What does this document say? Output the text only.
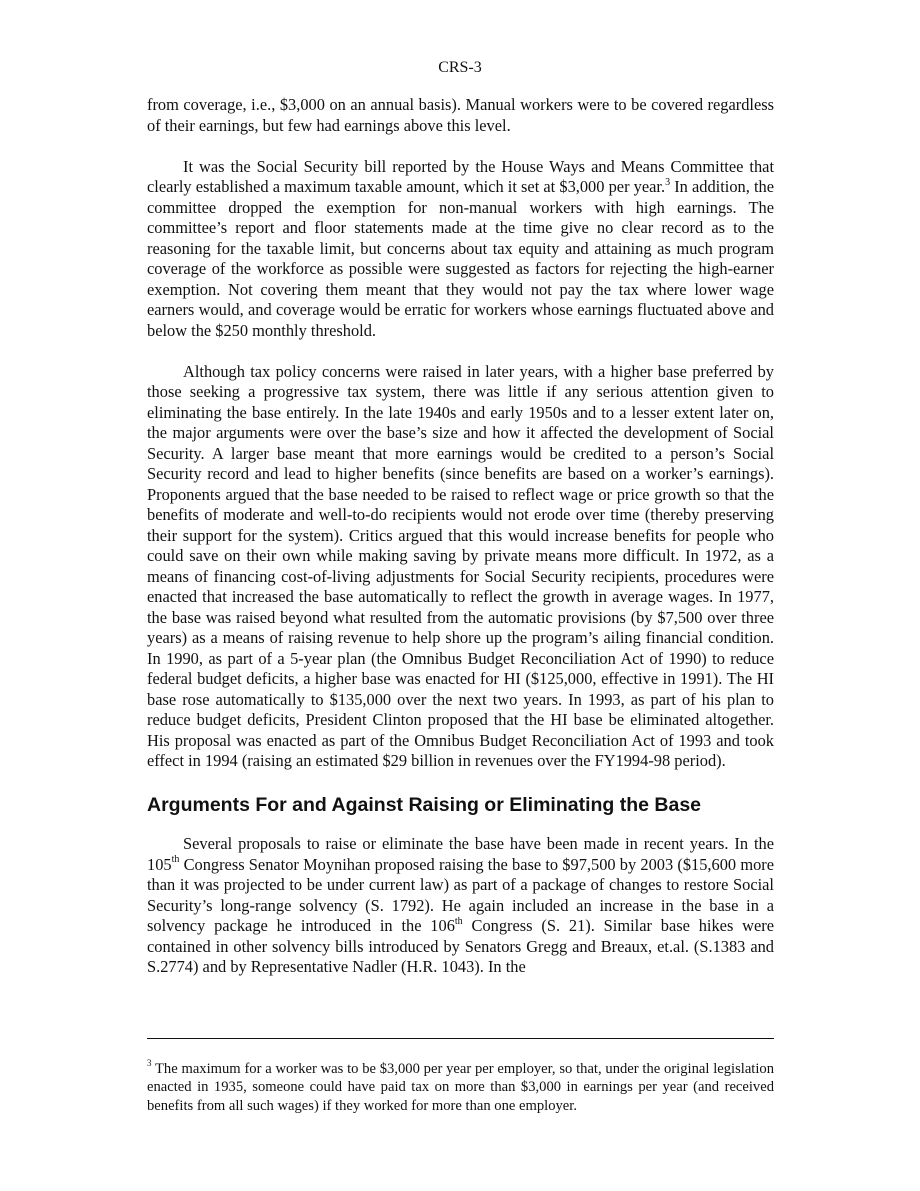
CRS-3

from coverage, i.e., $3,000 on an annual basis). Manual workers were to be covered regardless of their earnings, but few had earnings above this level.

It was the Social Security bill reported by the House Ways and Means Committee that clearly established a maximum taxable amount, which it set at $3,000 per year.$^3$ In addition, the committee dropped the exemption for non-manual workers with high earnings. The committee’s report and floor statements made at the time give no clear record as to the reasoning for the taxable limit, but concerns about tax equity and attaining as much program coverage of the workforce as possible were suggested as factors for rejecting the high-earner exemption. Not covering them meant that they would not pay the tax where lower wage earners would, and coverage would be erratic for workers whose earnings fluctuated above and below the $250 monthly threshold.

Although tax policy concerns were raised in later years, with a higher base preferred by those seeking a progressive tax system, there was little if any serious attention given to eliminating the base entirely. In the late 1940s and early 1950s and to a lesser extent later on, the major arguments were over the base’s size and how it affected the development of Social Security. A larger base meant that more earnings would be credited to a person’s Social Security record and lead to higher benefits (since benefits are based on a worker’s earnings). Proponents argued that the base needed to be raised to reflect wage or price growth so that the benefits of moderate and well-to-do recipients would not erode over time (thereby preserving their support for the system). Critics argued that this would increase benefits for people who could save on their own while making saving by private means more difficult. In 1972, as a means of financing cost-of-living adjustments for Social Security recipients, procedures were enacted that increased the base automatically to reflect the growth in average wages. In 1977, the base was raised beyond what resulted from the automatic provisions (by $7,500 over three years) as a means of raising revenue to help shore up the program’s ailing financial condition. In 1990, as part of a 5-year plan (the Omnibus Budget Reconciliation Act of 1990) to reduce federal budget deficits, a higher base was enacted for HI ($125,000, effective in 1991). The HI base rose automatically to $135,000 over the next two years. In 1993, as part of his plan to reduce budget deficits, President Clinton proposed that the HI base be eliminated altogether. His proposal was enacted as part of the Omnibus Budget Reconciliation Act of 1993 and took effect in 1994 (raising an estimated $29 billion in revenues over the FY1994-98 period).

Arguments For and Against Raising or Eliminating the Base

Several proposals to raise or eliminate the base have been made in recent years. In the 105th Congress Senator Moynihan proposed raising the base to $97,500 by 2003 ($15,600 more than it was projected to be under current law) as part of a package of changes to restore Social Security’s long-range solvency (S. 1792). He again included an increase in the base in a solvency package he introduced in the 106th Congress (S. 21). Similar base hikes were contained in other solvency bills introduced by Senators Gregg and Breaux, et.al. (S.1383 and S.2774) and by Representative Nadler (H.R. 1043). In the

$^3$ The maximum for a worker was to be $3,000 per year per employer, so that, under the original legislation enacted in 1935, someone could have paid tax on more than $3,000 in earnings per year (and received benefits from all such wages) if they worked for more than one employer.
